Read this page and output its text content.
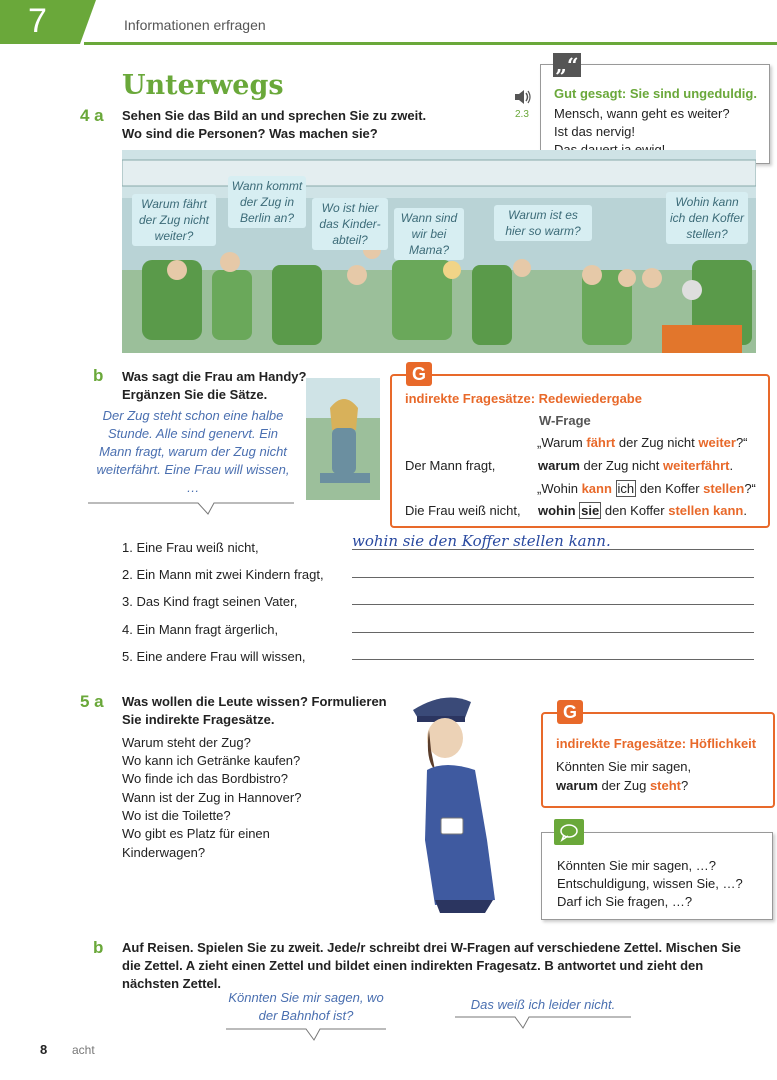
7	Informationen erfragen
Unterwegs
4 a Sehen Sie das Bild an und sprechen Sie zu zweit. Wo sind die Personen? Was machen sie?
2.3
„“
Gut gesagt: Sie sind ungeduldig.
Mensch, wann geht es weiter?
Ist das nervig!
Warum fährt der Zug nicht weiter?
Wann kommt der Zug in Berlin an?
Wo ist hier das Kinder-abteil?
Wann sind wir bei Mama?
Warum ist es hier so warm?
Wohin kann ich den Koffer stellen?
b Was sagt die Frau am Handy? Ergänzen Sie die Sätze.
Der Zug steht schon eine halbe Stunde. Alle sind genervt. Ein Mann fragt, warum der Zug nicht weiterfährt. Eine Frau will wissen, …
G
indirekte Fragesätze: Redewiedergabe
W-Frage
„Warum fährt der Zug nicht weiter?“
Der Mann fragt,	warum der Zug nicht weiterfährt.
„Wohin kann ich den Koffer stellen?“
Die Frau weiß nicht, wohin sie den Koffer stellen kann.
1. Eine Frau weiß nicht,	wohin sie den Koffer stellen kann.
2. Ein Mann mit zwei Kindern fragt,
3. Das Kind fragt seinen Vater,
4. Ein Mann fragt ärgerlich,
5. Eine andere Frau will wissen,
5 a Was wollen die Leute wissen? Formulieren Sie indirekte Fragesätze.
Warum steht der Zug?
Wo kann ich Getränke kaufen?
Wo finde ich das Bordbistro?
Wann ist der Zug in Hannover?
Wo ist die Toilette?
Wo gibt es Platz für einen
Kinderwagen?
G
indirekte Fragesätze: Höflichkeit
Könnten Sie mir sagen,
warum der Zug steht?
Könnten Sie mir sagen, …?
Entschuldigung, wissen Sie, …?
Darf ich Sie fragen, …?
b Auf Reisen. Spielen Sie zu zweit. Jede/r schreibt drei W-Fragen auf verschiedene Zettel. Mischen Sie die Zettel. A zieht einen Zettel und bildet einen indirekten Fragesatz. B antwortet und zieht den nächsten Zettel.
Könnten Sie mir sagen, wo der Bahnhof ist?
Das weiß ich leider nicht.
8 acht
